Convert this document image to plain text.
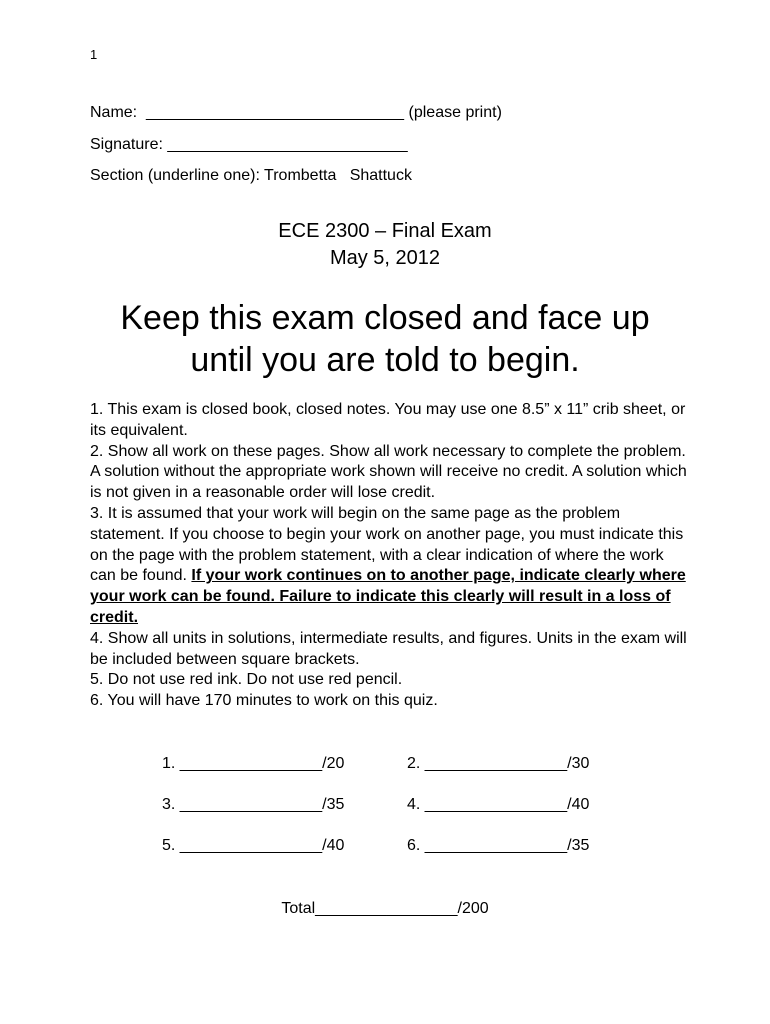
1
Name:  _____________________________ (please print)
Signature: ___________________________
Section (underline one): Trombetta   Shattuck
ECE 2300 – Final Exam
May 5, 2012
Keep this exam closed and face up
until you are told to begin.

1. This exam is closed book, closed notes. You may use one 8.5” x 11” crib sheet, or its equivalent.

2. Show all work on these pages. Show all work necessary to complete the problem. A solution without the appropriate work shown will receive no credit. A solution which is not given in a reasonable order will lose credit.

3. It is assumed that your work will begin on the same page as the problem statement. If you choose to begin your work on another page, you must indicate this on the page with the problem statement, with a clear indication of where the work can be found. If your work continues on to another page, indicate clearly where your work can be found. Failure to indicate this clearly will result in a loss of credit.

4. Show all units in solutions, intermediate results, and figures. Units in the exam will be included between square brackets.

5. Do not use red ink. Do not use red pencil.

6. You will have 170 minutes to work on this quiz.

1. ________________/20	2. ________________/30
3. ________________/35	4. ________________/40
5. ________________/40	6. ________________/35
Total________________/200
